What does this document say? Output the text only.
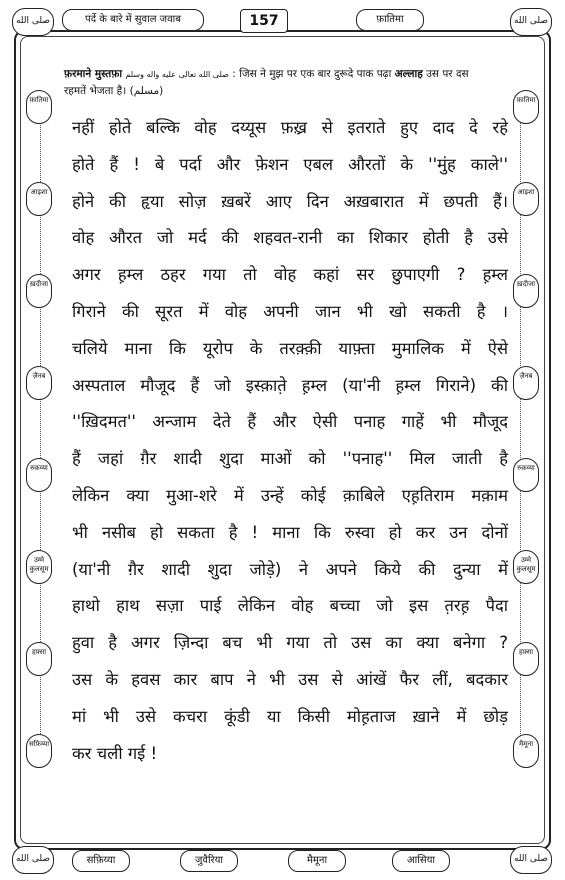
صلى الله	पर्दे के बारे में सुवाल जवाब	157	फ़ातिमा	صلى الله
फ़ातिमा
आइशा
ख़दीजा
ज़ैनब
रुक़य्या
उम्मे कुलसूम
हफ़्सा
सफ़िय्या
फ़ातिमा
आइशा
ख़दीजा
ज़ैनब
रुक़य्या
उम्मे कुलसूम
हफ़्सा
मैमूना
फ़रमाने मुस्तफ़ा صلى الله تعالى عليه واله وسلم : जिस ने मुझ पर एक बार दुरूदे पाक पढ़ा अल्लाह उस पर दस
रहमतें भेजता है। (مسلم)
नहीं होते बल्कि वोह दय्यूस फ़ख़्र से इतराते हुए दाद दे रहे
होते हैं ! बे पर्दा और फ़ेशन एबल औरतों के ''मुंह काले''
होने की हृया सोज़ ख़बरें आए दिन अख़बारात में छपती हैं।
वोह औरत जो मर्द की शहवत-रानी का शिकार होती है उसे
अगर ह़म्ल ठहर गया तो वोह कहां सर छुपाएगी ? ह़म्ल
गिराने की सूरत में वोह अपनी जान भी खो सकती है ।
चलिये माना कि यूरोप के तरक़्क़ी याफ़्ता मुमालिक में ऐसे
अस्पताल मौजूद हैं जो इस्क़ाते़ ह़म्ल (या'नी ह़म्ल गिराने) की
''ख़िदमत'' अन्जाम देते हैं और ऐसी पनाह गाहें भी मौजूद
हैं जहां ग़ैर शादी शुदा माओं को ''पनाह'' मिल जाती है
लेकिन क्या मुआ-शरे में उन्हें कोई क़ाबिले एह़तिराम मक़ाम
भी नसीब हो सकता है ! माना कि रुस्वा हो कर उन दोनों
(या'नी ग़ैर शादी शुदा जोड़े) ने अपने किये की दुन्या में
हाथो हाथ सज़ा पाई लेकिन वोह बच्चा जो इस त़रह़ पैदा
हुवा है अगर ज़िन्दा बच भी गया तो उस का क्या बनेगा ?
उस के हवस कार बाप ने भी उस से आंखें फैर लीं, बदकार
मां भी उसे कचरा कूंडी या किसी मोह़ताज ख़ाने में छोड़
कर चली गई !
صلى الله	सफ़िय्या	जुवैरिया	मैमूना	आसिया	صلى الله
